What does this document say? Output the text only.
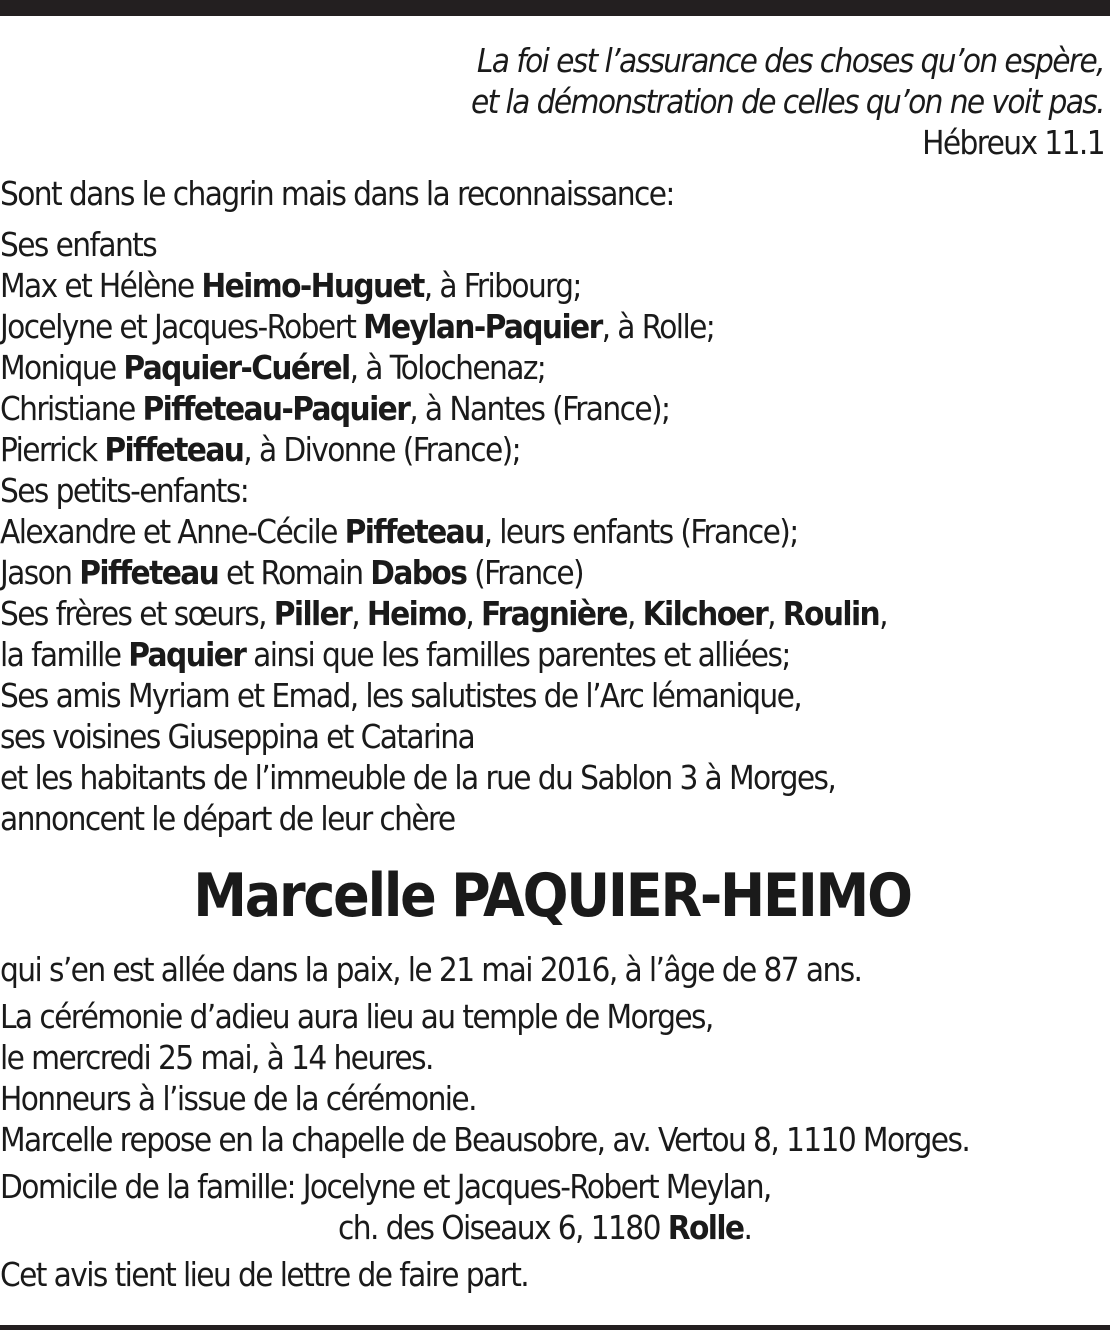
La foi est l’assurance des choses qu’on espère,
et la démonstration de celles qu’on ne voit pas.
Hébreux 11.1
Sont dans le chagrin mais dans la reconnaissance:
Ses enfants
Max et Hélène Heimo-Huguet, à Fribourg;
Jocelyne et Jacques-Robert Meylan-Paquier, à Rolle;
Monique Paquier-Cuérel, à Tolochenaz;
Christiane Piffeteau-Paquier, à Nantes (France);
Pierrick Piffeteau, à Divonne (France);
Ses petits-enfants:
Alexandre et Anne-Cécile Piffeteau, leurs enfants (France);
Jason Piffeteau et Romain Dabos (France)
Ses frères et sœurs, Piller, Heimo, Fragnière, Kilchoer, Roulin,
la famille Paquier ainsi que les familles parentes et alliées;
Ses amis Myriam et Emad, les salutistes de l’Arc lémanique,
ses voisines Giuseppina et Catarina
et les habitants de l’immeuble de la rue du Sablon 3 à Morges,
annoncent le départ de leur chère
Marcelle PAQUIER-HEIMO
qui s’en est allée dans la paix, le 21 mai 2016, à l’âge de 87 ans.
La cérémonie d’adieu aura lieu au temple de Morges,
le mercredi 25 mai, à 14 heures.
Honneurs à l’issue de la cérémonie.
Marcelle repose en la chapelle de Beausobre, av. Vertou 8, 1110 Morges.
Domicile de la famille: Jocelyne et Jacques-Robert Meylan,
ch. des Oiseaux 6, 1180 Rolle.
Cet avis tient lieu de lettre de faire part.
